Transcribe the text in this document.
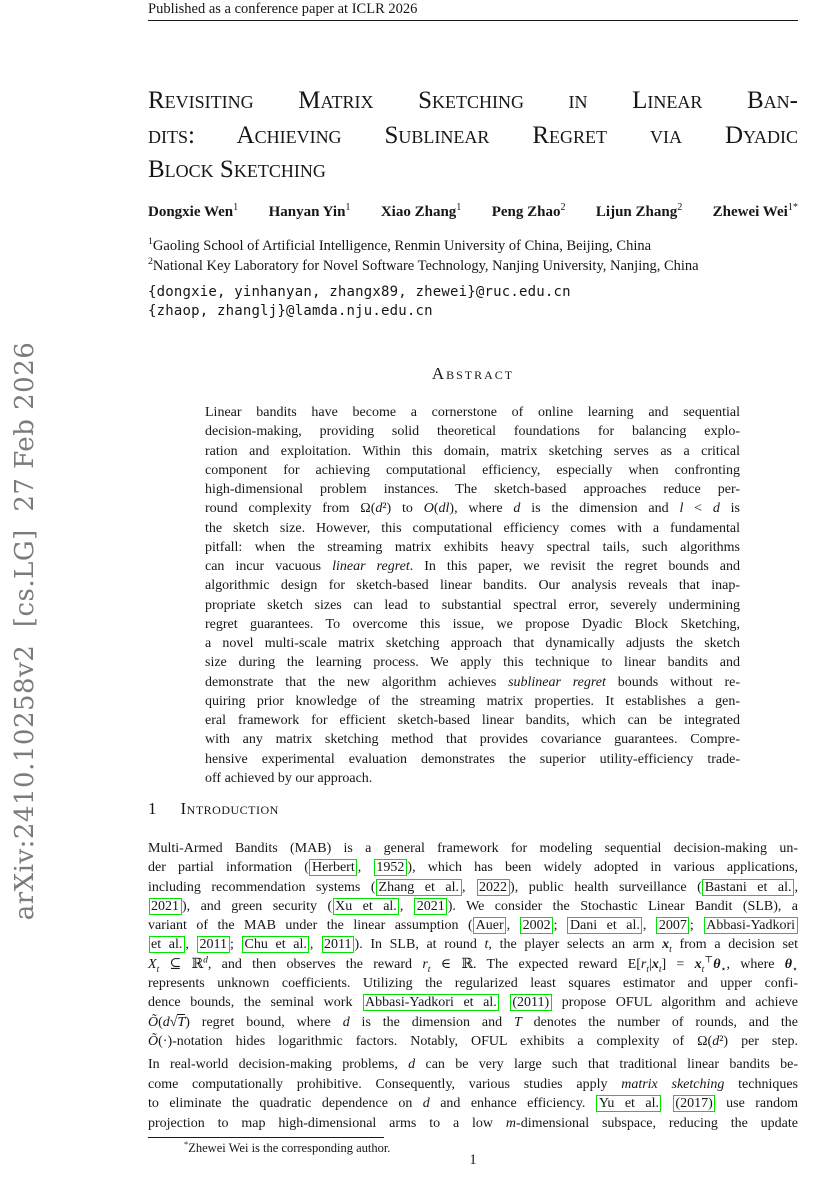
arXiv:2410.10258v2  [cs.LG]  27 Feb 2026
Published as a conference paper at ICLR 2026
Revisiting Matrix Sketching in Linear Ban-
dits: Achieving Sublinear Regret via Dyadic
Block Sketching
Dongxie Wen$^1$ Hanyan Yin$^1$ Xiao Zhang$^1$ Peng Zhao$^2$ Lijun Zhang$^2$ Zhewei Wei$^{1*}$
$^1$Gaoling School of Artificial Intelligence, Renmin University of China, Beijing, China
$^2$National Key Laboratory for Novel Software Technology, Nanjing University, Nanjing, China
{dongxie, yinhanyan, zhangx89, zhewei}@ruc.edu.cn
{zhaop, zhanglj}@lamda.nju.edu.cn
Abstract
Linear bandits have become a cornerstone of online learning and sequential
decision-making, providing solid theoretical foundations for balancing explo-
ration and exploitation. Within this domain, matrix sketching serves as a critical
component for achieving computational efficiency, especially when confronting
high-dimensional problem instances. The sketch-based approaches reduce per-
round complexity from Ω(d²) to O(dl), where d is the dimension and l < d is
the sketch size. However, this computational efficiency comes with a fundamental
pitfall: when the streaming matrix exhibits heavy spectral tails, such algorithms
can incur vacuous linear regret. In this paper, we revisit the regret bounds and
algorithmic design for sketch-based linear bandits. Our analysis reveals that inap-
propriate sketch sizes can lead to substantial spectral error, severely undermining
regret guarantees. To overcome this issue, we propose Dyadic Block Sketching,
a novel multi-scale matrix sketching approach that dynamically adjusts the sketch
size during the learning process. We apply this technique to linear bandits and
demonstrate that the new algorithm achieves sublinear regret bounds without re-
quiring prior knowledge of the streaming matrix properties. It establishes a gen-
eral framework for efficient sketch-based linear bandits, which can be integrated
with any matrix sketching method that provides covariance guarantees. Compre-
hensive experimental evaluation demonstrates the superior utility-efficiency trade-
off achieved by our approach.
1 Introduction
Multi-Armed Bandits (MAB) is a general framework for modeling sequential decision-making un-
der partial information ( Herbert , 1952 ), which has been widely adopted in various applications,
including recommendation systems ( Zhang et al. , 2022 ), public health surveillance ( Bastani et al. ,
2021 ), and green security ( Xu et al. , 2021 ). We consider the Stochastic Linear Bandit (SLB), a
variant of the MAB under the linear assumption ( Auer , 2002 ; Dani et al. , 2007 ; Abbasi-Yadkori
et al. , 2011 ; Chu et al. , 2011 ). In SLB, at round t, the player selects an arm $x_t$ from a decision set
$X_t$ ⊆ ℝ$^d$, and then observes the reward $r_t$ ∈ ℝ. The expected reward $E[r_t|x_t] = x_t^⊤\theta_⋆$, where $\theta_⋆$
represents unknown coefficients. Utilizing the regularized least squares estimator and upper confi-
dence bounds, the seminal work Abbasi-Yadkori et al. (2011) propose OFUL algorithm and achieve
Õ(d√T) regret bound, where d is the dimension and T denotes the number of rounds, and the
Õ(·)-notation hides logarithmic factors. Notably, OFUL exhibits a complexity of Ω(d²) per step.
In real-world decision-making problems, d can be very large such that traditional linear bandits be-
come computationally prohibitive. Consequently, various studies apply matrix sketching techniques
to eliminate the quadratic dependence on d and enhance efficiency. Yu et al. (2017) use random
projection to map high-dimensional arms to a low m-dimensional subspace, reducing the update
*Zhewei Wei is the corresponding author.
1
